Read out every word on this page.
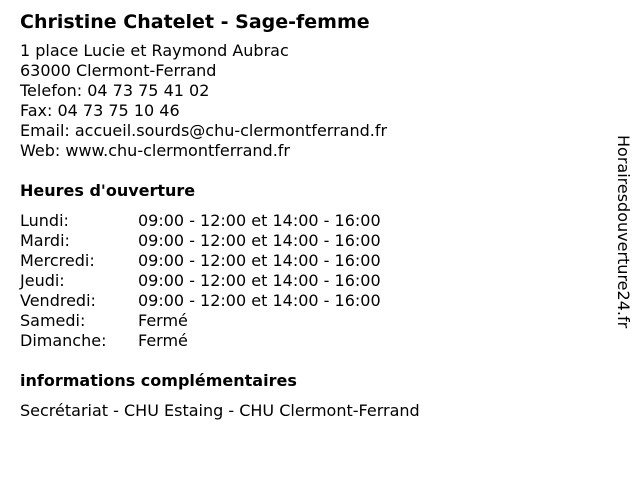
Christine Chatelet - Sage-femme
1 place Lucie et Raymond Aubrac
63000 Clermont-Ferrand
Telefon: 04 73 75 41 02
Fax: 04 73 75 10 46
Email: accueil.sourds@chu-clermontferrand.fr
Web: www.chu-clermontferrand.fr
Heures d'ouverture
Lundi:	09:00 - 12:00 et 14:00 - 16:00
Mardi:	09:00 - 12:00 et 14:00 - 16:00
Mercredi:	09:00 - 12:00 et 14:00 - 16:00
Jeudi:	09:00 - 12:00 et 14:00 - 16:00
Vendredi:	09:00 - 12:00 et 14:00 - 16:00
Samedi:	Fermé
Dimanche:	Fermé
informations complémentaires
Secrétariat - CHU Estaing - CHU Clermont-Ferrand
Horairesdouverture24.fr
